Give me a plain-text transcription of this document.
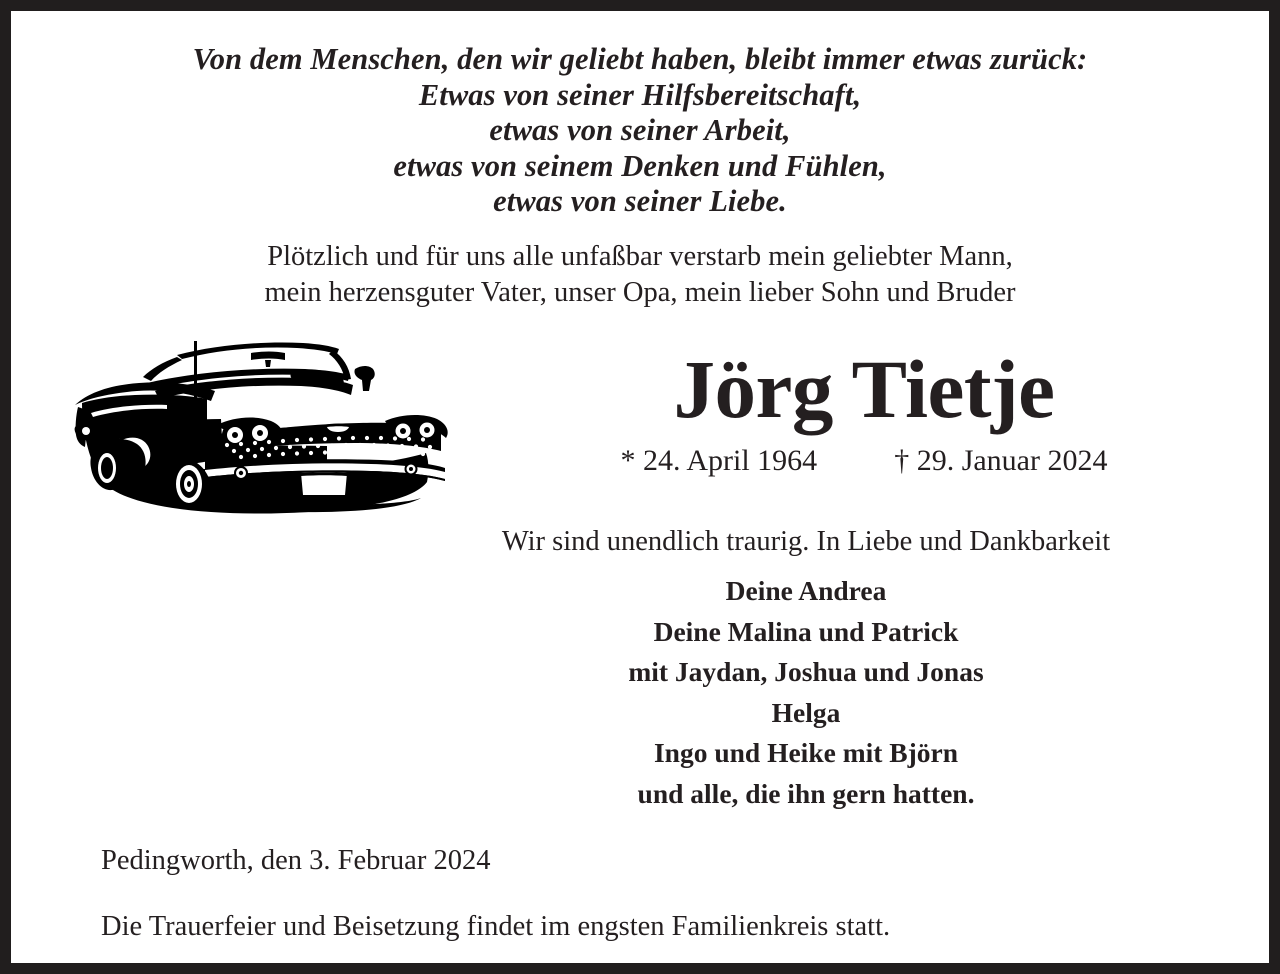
Von dem Menschen, den wir geliebt haben, bleibt immer etwas zurück:
Etwas von seiner Hilfsbereitschaft,
etwas von seiner Arbeit,
etwas von seinem Denken und Fühlen,
etwas von seiner Liebe.
Plötzlich und für uns alle unfaßbar verstarb mein geliebter Mann,
mein herzensguter Vater, unser Opa, mein lieber Sohn und Bruder
Jörg Tietje
* 24. April 1964	† 29. Januar 2024
Wir sind unendlich traurig. In Liebe und Dankbarkeit
Deine Andrea
Deine Malina und Patrick
mit Jaydan, Joshua und Jonas
Helga
Ingo und Heike mit Björn
und alle, die ihn gern hatten.
Pedingworth, den 3. Februar 2024
Die Trauerfeier und Beisetzung findet im engsten Familienkreis statt.
